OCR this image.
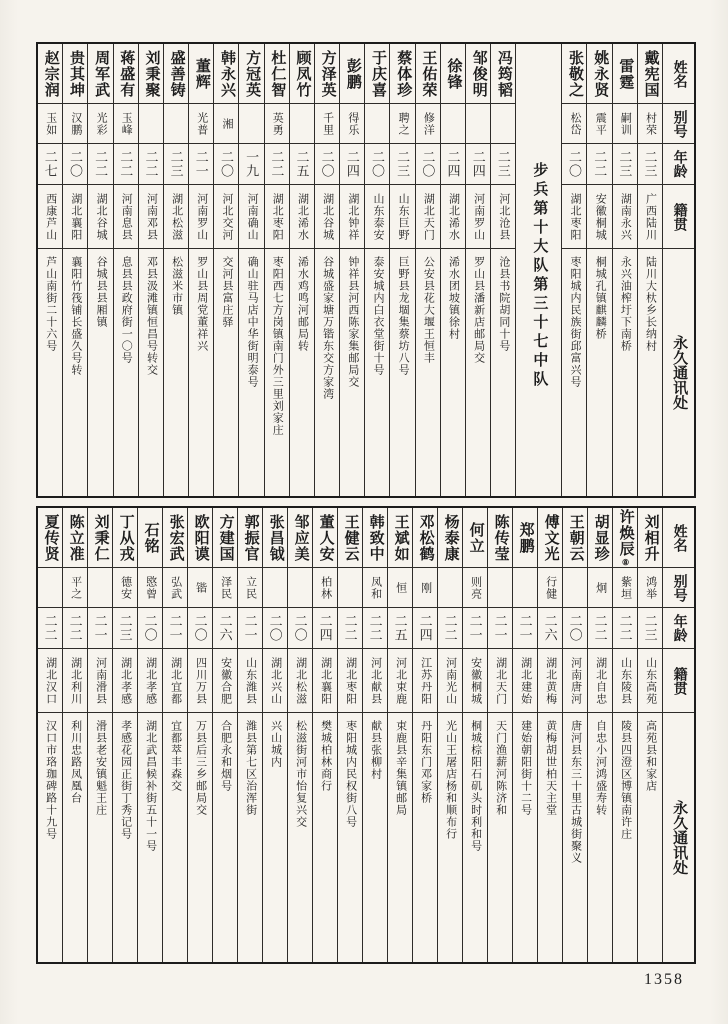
姓名
别号
年龄
籍贯
永久通讯处
戴宪国
村荣
二三
广西陆川
陆川大杕乡长纳村
雷霆
嗣训
二三
湖南永兴
永兴油榨圩下南桥
姚永贤
震平
二二
安徽桐城
桐城孔镇麒麟桥
张敬之
松岱
二〇
湖北枣阳
枣阳城内民族街邱富兴号
步兵第十大队第三十七中队
冯筠韬
二三
河北沧县
沧县书院胡同十号
邹俊明
二四
河南罗山
罗山县潘新店邮局交
徐锋
二四
湖北浠水
浠水团坡镇徐村
王佑荣
修洋
二〇
湖北天门
公安县花大堰王恒丰
蔡体珍
聘之
二三
山东巨野
巨野县龙堌集蔡坊八号
于庆喜
二〇
山东泰安
泰安城内白衣堂街十号
彭鹏
得乐
二四
湖北钟祥
钟祥县河西陈家集邮局交
方泽英
千里
二〇
湖北谷城
谷城盛家塘万锴东交方家湾
顾凤竹
二五
湖北浠水
浠水鸡鸣河邮局转
杜仁智
英勇
二二
湖北枣阳
枣阳西七方岗镇南门外三里刘家庄
方冠英
一九
河南确山
确山驻马店中华街明泰号
韩永兴
湘
二〇
河北交河
交河县富庄驿
董辉
光普
二一
河南罗山
罗山县周党董祥兴
盛善铸
二三
湖北松滋
松滋米市镇
刘秉聚
二二
河南邓县
邓县汲滩镇恒昌号转交
蒋盛有
玉峰
二二
河南息县
息县县政府街一〇号
周军武
光彩
二二
湖北谷城
谷城县县厢镇
贵其坤
汉鹏
二〇
湖北襄阳
襄阳竹筏铺长盛久号转
赵宗润
玉如
二七
西康芦山
芦山南街二十六号
姓名
别号
年龄
籍贯
永久通讯处
刘相升
鸿举
二三
山东高苑
高苑县和家店
许焕辰
⑧
紫垣
二二
山东陵县
陵县四澄区博镇南许庄
胡显珍
炯
二二
湖北自忠
自忠小河鸿盛寿转
王朝云
二〇
河南唐河
唐河县东三十里古城街聚义
傅文光
行健
二六
湖北黄梅
黄梅胡世柏天主堂
郑鹏
二一
湖北建始
建始朝阳街十二号
陈传莹
二一
湖北天门
天门渔薪河陈济和
何立
则亮
二一
安徽桐城
桐城棕阳石矶头时利和号
杨泰康
二二
河南光山
光山王屠店杨和顺布行
邓松鹤
刚
二四
江苏丹阳
丹阳东门邓家桥
王斌如
恒
二五
河北束鹿
束鹿县辛集镇邮局
韩致中
凤和
二二
河北献县
献县张柳村
王健云
二二
湖北枣阳
枣阳城内民权街八号
董人安
柏林
二四
湖北襄阳
樊城柏林商行
邹应美
二〇
湖北松滋
松滋街河市怡复兴交
张昌钺
二〇
湖北兴山
兴山城内
郭振官
立民
二一
山东潍县
潍县第七区治浑街
方建国
泽民
二六
安徽合肥
合肥永和烟号
欧阳谟
锴
二〇
四川万县
万县后三乡邮局交
张宏武
弘武
二一
湖北宜都
宜都萃丰森交
石铭
愍曾
二〇
湖北孝感
湖北武昌候补街五十一号
丁从戎
德安
二三
湖北孝感
孝感花园正街丁秀记号
刘秉仁
二一
河南滑县
滑县老安镇魁王庄
陈立准
平之
二二
湖北利川
利川忠路凤凰台
夏传贤
二二
湖北汉口
汉口市珞珈碑路十九号
1358
